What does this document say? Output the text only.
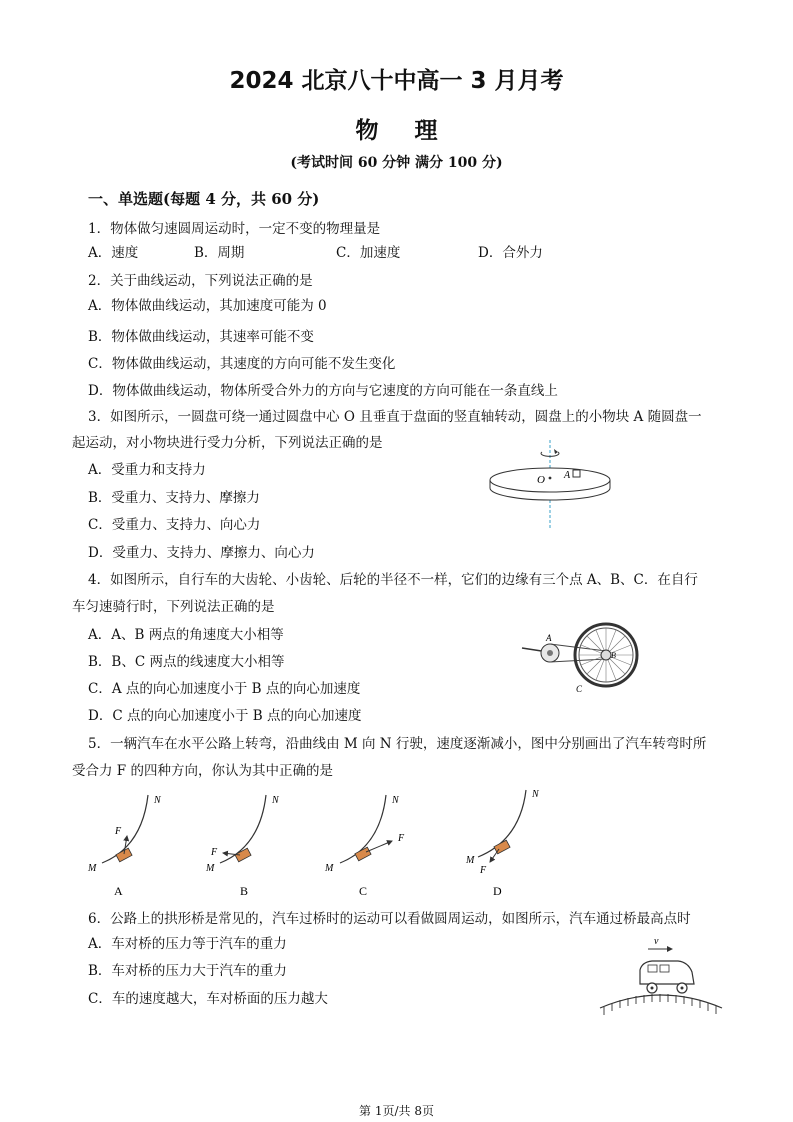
2024 北京八十中高一 3 月月考
物理
(考试时间 60 分钟 满分 100 分)
一、单选题(每题 4 分，共 60 分)
1．物体做匀速圆周运动时，一定不变的物理量是
A．速度	B．周期	C．加速度	D．合外力
2．关于曲线运动，下列说法正确的是
A．物体做曲线运动，其加速度可能为 0
B．物体做曲线运动，其速率可能不变
C．物体做曲线运动，其速度的方向可能不发生变化
D．物体做曲线运动，物体所受合外力的方向与它速度的方向可能在一条直线上
3．如图所示，一圆盘可绕一通过圆盘中心 O 且垂直于盘面的竖直轴转动，圆盘上的小物块 A 随圆盘一
起运动，对小物块进行受力分析，下列说法正确的是
A．受重力和支持力
B．受重力、支持力、摩擦力
C．受重力、支持力、向心力
D．受重力、支持力、摩擦力、向心力
O A
4．如图所示，自行车的大齿轮、小齿轮、后轮的半径不一样，它们的边缘有三个点 A、B、C．在自行
车匀速骑行时，下列说法正确的是
A．A、B 两点的角速度大小相等
B．B、C 两点的线速度大小相等
C．A 点的向心加速度小于 B 点的向心加速度
D．C 点的向心加速度小于 B 点的向心加速度
A
B
C
5．一辆汽车在水平公路上转弯，沿曲线由 M 向 N 行驶，速度逐渐减小，图中分别画出了汽车转弯时所
受合力 F 的四种方向，你认为其中正确的是
M
N
F
A
M
N
F
B
M
N
F
C
M
N
F
D
6．公路上的拱形桥是常见的，汽车过桥时的运动可以看做圆周运动，如图所示，汽车通过桥最高点时
A．车对桥的压力等于汽车的重力
B．车对桥的压力大于汽车的重力
C．车的速度越大，车对桥面的压力越大
v
第 1页/共 8页
